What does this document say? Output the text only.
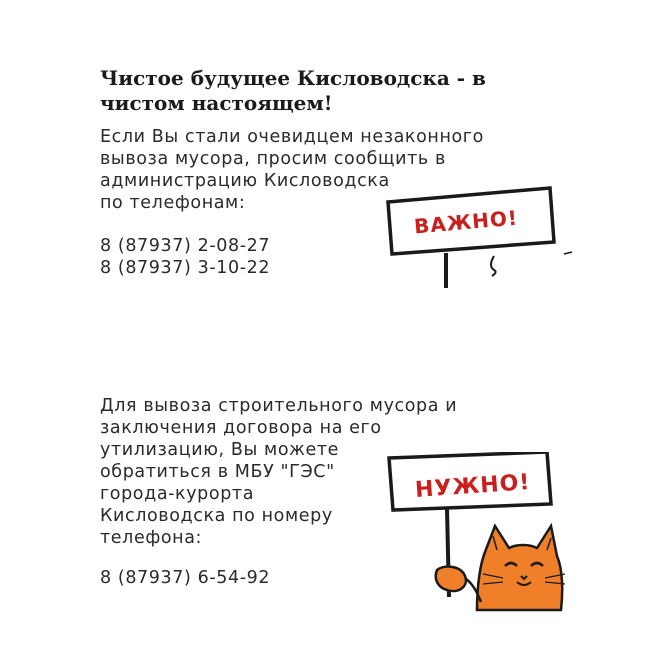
Чистое будущее Кисловодска - в чистом настоящем!

Если Вы стали очевидцем незаконного
вывоза мусора, просим сообщить в
администрацию Кисловодска
по телефонам:

8 (87937) 2-08-27
8 (87937) 3-10-22
ВАЖНО!

Для вывоза строительного мусора и
заключения договора на его
утилизацию, Вы можете
обратиться в МБУ "ГЭС"
города-курорта
Кисловодска по номеру
телефона:

8 (87937) 6-54-92
НУЖНО!
